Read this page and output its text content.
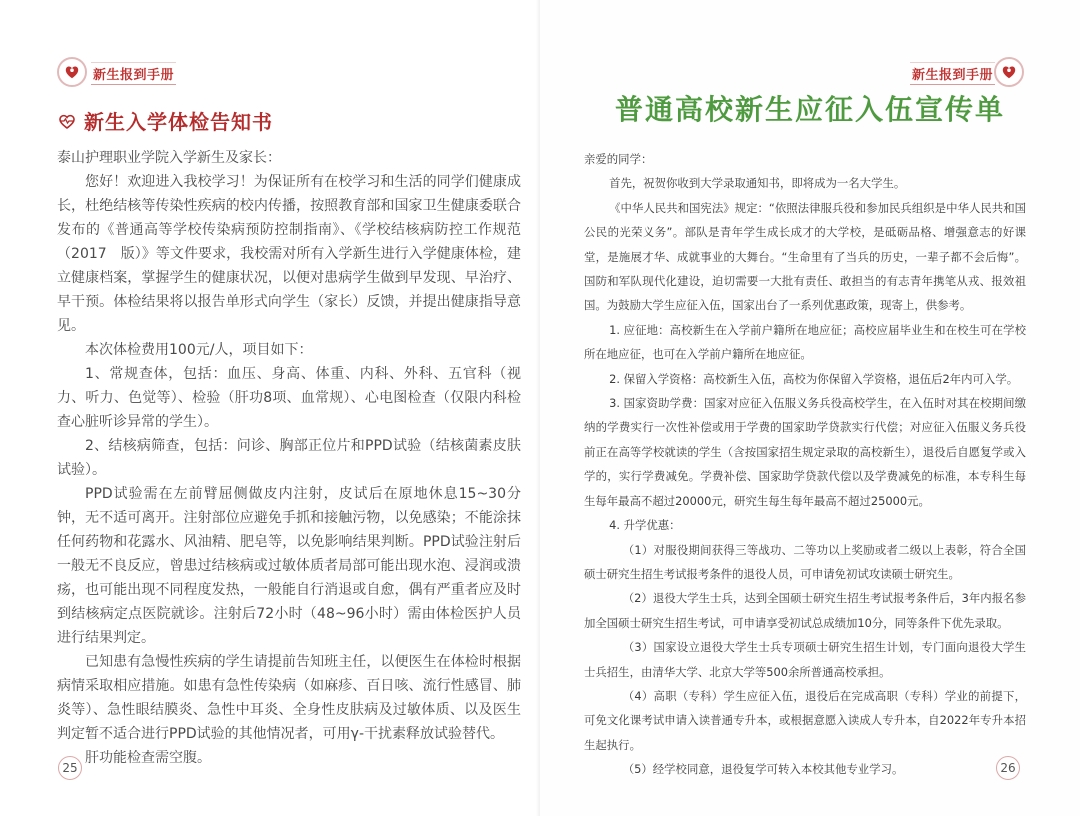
新生报到手册
新生入学体检告知书

泰山护理职业学院入学新生及家长：

您好！欢迎进入我校学习！为保证所有在校学习和生活的同学们健康成长，杜绝结核等传染性疾病的校内传播，按照教育部和国家卫生健康委联合发布的《普通高等学校传染病预防控制指南》、《学校结核病防控工作规范（2017　版）》等文件要求，我校需对所有入学新生进行入学健康体检，建立健康档案，掌握学生的健康状况，以便对患病学生做到早发现、早治疗、早干预。体检结果将以报告单形式向学生（家长）反馈，并提出健康指导意见。

本次体检费用100元/人，项目如下：

1、常规查体，包括：血压、身高、体重、内科、外科、五官科（视力、听力、色觉等）、检验（肝功8项、血常规）、心电图检查（仅限内科检查心脏听诊异常的学生）。

2、结核病筛查，包括：问诊、胸部正位片和PPD试验（结核菌素皮肤试验）。

PPD试验需在左前臂屈侧做皮内注射，皮试后在原地休息15~30分钟，无不适可离开。注射部位应避免手抓和接触污物，以免感染；不能涂抹任何药物和花露水、风油精、肥皂等，以免影响结果判断。PPD试验注射后一般无不良反应，曾患过结核病或过敏体质者局部可能出现水泡、浸润或溃疡，也可能出现不同程度发热，一般能自行消退或自愈，偶有严重者应及时到结核病定点医院就诊。注射后72小时（48~96小时）需由体检医护人员进行结果判定。

已知患有急慢性疾病的学生请提前告知班主任，以便医生在体检时根据病情采取相应措施。如患有急性传染病（如麻疹、百日咳、流行性感冒、肺炎等）、急性眼结膜炎、急性中耳炎、全身性皮肤病及过敏体质、以及医生判定暂不适合进行PPD试验的其他情况者，可用γ-干扰素释放试验替代。

肝功能检查需空腹。

25
新生报到手册
普通高校新生应征入伍宣传单

亲爱的同学：

首先，祝贺你收到大学录取通知书，即将成为一名大学生。

《中华人民共和国宪法》规定：“依照法律服兵役和参加民兵组织是中华人民共和国公民的光荣义务”。部队是青年学生成长成才的大学校，是砥砺品格、增强意志的好课堂，是施展才华、成就事业的大舞台。“生命里有了当兵的历史，一辈子都不会后悔”。国防和军队现代化建设，迫切需要一大批有责任、敢担当的有志青年携笔从戎、报效祖国。为鼓励大学生应征入伍，国家出台了一系列优惠政策，现寄上，供参考。

1. 应征地：高校新生在入学前户籍所在地应征；高校应届毕业生和在校生可在学校所在地应征，也可在入学前户籍所在地应征。

2. 保留入学资格：高校新生入伍，高校为你保留入学资格，退伍后2年内可入学。

3. 国家资助学费：国家对应征入伍服义务兵役高校学生，在入伍时对其在校期间缴纳的学费实行一次性补偿或用于学费的国家助学贷款实行代偿；对应征入伍服义务兵役前正在高等学校就读的学生（含按国家招生规定录取的高校新生），退役后自愿复学或入学的，实行学费减免。学费补偿、国家助学贷款代偿以及学费减免的标准，本专科生每生每年最高不超过20000元，研究生每生每年最高不超过25000元。

4. 升学优惠：

（1）对服役期间获得三等战功、二等功以上奖励或者二级以上表彰，符合全国硕士研究生招生考试报考条件的退役人员，可申请免初试攻读硕士研究生。

（2）退役大学生士兵，达到全国硕士研究生招生考试报考条件后，3年内报名参加全国硕士研究生招生考试，可申请享受初试总成绩加10分，同等条件下优先录取。

（3）国家设立退役大学生士兵专项硕士研究生招生计划，专门面向退役大学生士兵招生，由清华大学、北京大学等500余所普通高校承担。

（4）高职（专科）学生应征入伍，退役后在完成高职（专科）学业的前提下，可免文化课考试申请入读普通专升本，或根据意愿入读成人专升本，自2022年专升本招生起执行。

（5）经学校同意，退役复学可转入本校其他专业学习。	26
